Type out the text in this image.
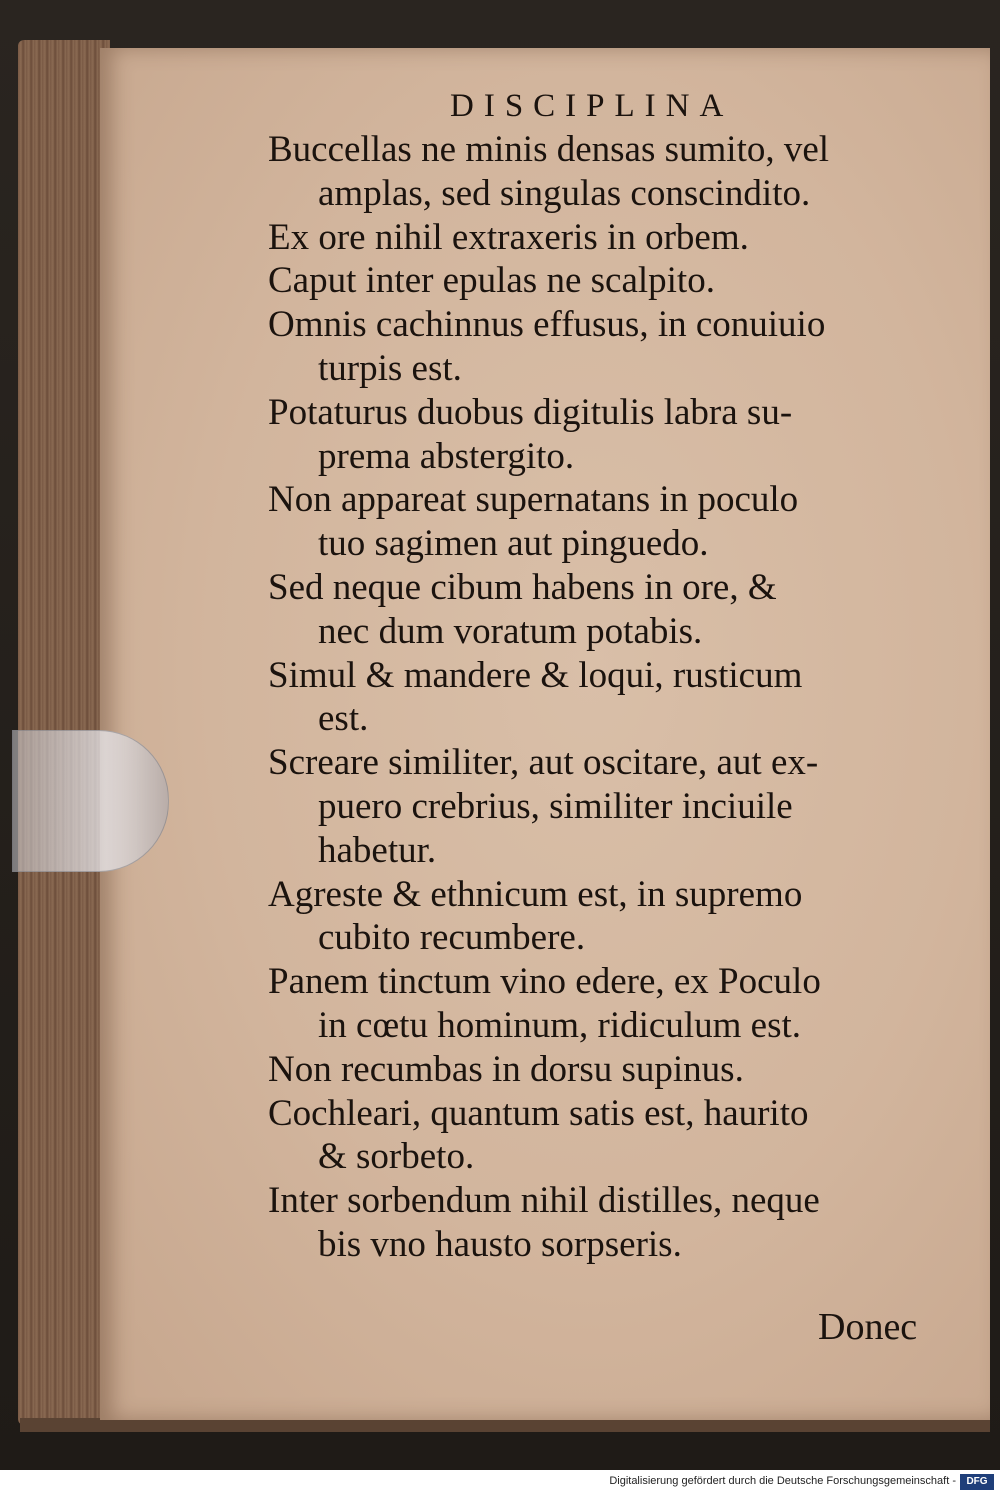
DISCIPLINA
Buccellas ne minis densas sumito, vel
amplas, sed singulas conscindito.
Ex ore nihil extraxeris in orbem.
Caput inter epulas ne scalpito.
Omnis cachinnus effusus, in conuiuio
turpis est.
Potaturus duobus digitulis labra su-
prema abstergito.
Non appareat supernatans in poculo
tuo sagimen aut pinguedo.
Sed neque cibum habens in ore, &
nec dum voratum potabis.
Simul & mandere & loqui, rusticum
est.
Screare similiter, aut oscitare, aut ex-
puero crebrius, similiter inciuile
habetur.
Agreste & ethnicum est, in supremo
cubito recumbere.
Panem tinctum vino edere, ex Poculo
in cœtu hominum, ridiculum est.
Non recumbas in dorsu supinus.
Cochleari, quantum satis est, haurito
& sorbeto.
Inter sorbendum nihil distilles, neque
bis vno hausto sorpseris.
Donec
Digitalisierung gefördert durch die Deutsche Forschungsgemeinschaft -	DFG
